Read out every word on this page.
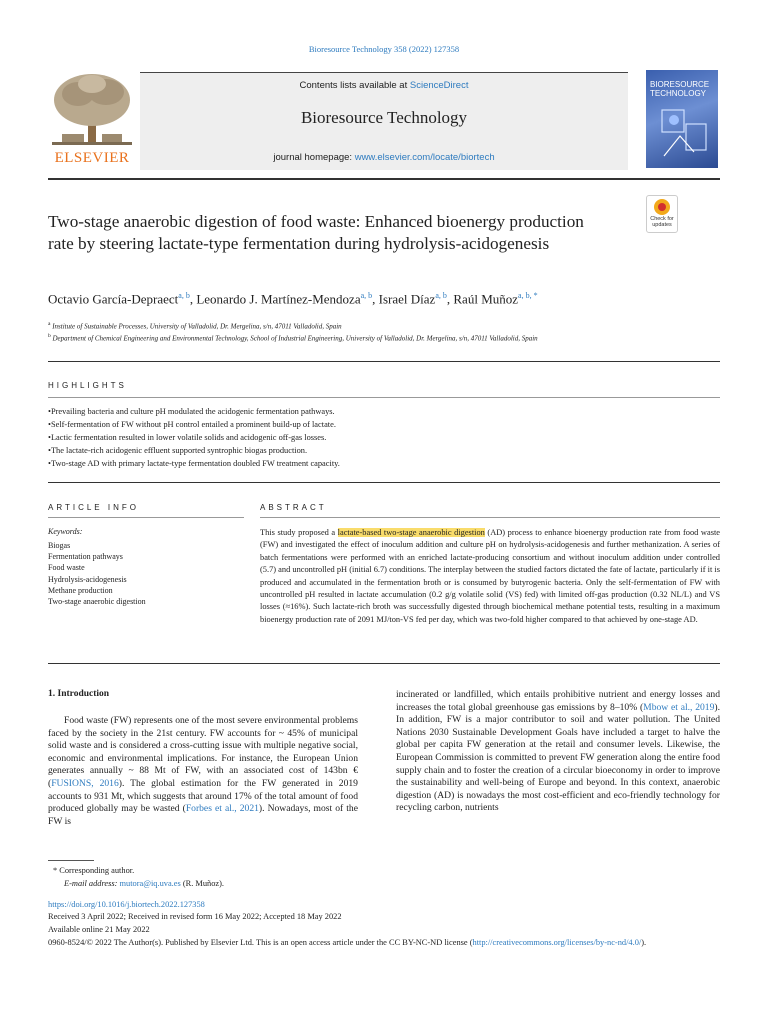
Bioresource Technology 358 (2022) 127358
ELSEVIER
Contents lists available at ScienceDirect
Bioresource Technology
journal homepage: www.elsevier.com/locate/biortech
BIORESOURCE TECHNOLOGY
Two-stage anaerobic digestion of food waste: Enhanced bioenergy production rate by steering lactate-type fermentation during hydrolysis-acidogenesis
Check for updates
Octavio García-Depraect$^{a, b}$, Leonardo J. Martínez-Mendoza$^{a, b}$, Israel Díaz$^{a, b}$, Raúl Muñoz$^{a, b, *}$
$^a$ Institute of Sustainable Processes, University of Valladolid, Dr. Mergelina, s/n, 47011 Valladolid, Spain
$^b$ Department of Chemical Engineering and Environmental Technology, School of Industrial Engineering, University of Valladolid, Dr. Mergelina, s/n, 47011 Valladolid, Spain
HIGHLIGHTS
• Prevailing bacteria and culture pH modulated the acidogenic fermentation pathways.
• Self-fermentation of FW without pH control entailed a prominent build-up of lactate.
• Lactic fermentation resulted in lower volatile solids and acidogenic off-gas losses.
• The lactate-rich acidogenic effluent supported syntrophic biogas production.
• Two-stage AD with primary lactate-type fermentation doubled FW treatment capacity.
ARTICLE INFO
Keywords:
Biogas
Fermentation pathways
Food waste
Hydrolysis-acidogenesis
Methane production
Two-stage anaerobic digestion
ABSTRACT
This study proposed a lactate-based two-stage anaerobic digestion (AD) process to enhance bioenergy production rate from food waste (FW) and investigated the effect of inoculum addition and culture pH on hydrolysis-acidogenesis and further methanization. A series of batch fermentations were performed with an enriched lactate-producing consortium and without inoculum addition under controlled (5.7) and uncontrolled pH (initial 6.7) conditions. The interplay between the studied factors dictated the fate of lactate, particularly if it is produced and accumulated in the fermentation broth or is consumed by butyrogenic bacteria. Only the self-fermentation of FW with uncontrolled pH resulted in lactate accumulation (0.2 g/g volatile solid (VS) fed) with limited off-gas production (0.32 NL/L) and VS losses (≈16%). Such lactate-rich broth was successfully digested through biochemical methane potential tests, resulting in a maximum bioenergy production rate of 2091 MJ/ton-VS fed per day, which was two-fold higher compared to that achieved by one-stage AD.
1. Introduction
Food waste (FW) represents one of the most severe environmental problems faced by the society in the 21st century. FW accounts for ~ 45% of municipal solid waste and is considered a cross-cutting issue with multiple negative social, economic and environmental implications. For instance, the European Union generates annually ~ 88 Mt of FW, with an associated cost of 143bn € (FUSIONS, 2016). The global estimation for the FW generated in 2019 accounts to 931 Mt, which suggests that around 17% of the total amount of food produced globally may be wasted (Forbes et al., 2021). Nowadays, most of the FW is
incinerated or landfilled, which entails prohibitive nutrient and energy losses and increases the total global greenhouse gas emissions by 8–10% (Mbow et al., 2019). In addition, FW is a major contributor to soil and water pollution. The United Nations 2030 Sustainable Development Goals have included a target to halve the global per capita FW generation at the retail and consumer levels. Likewise, the European Commission is committed to prevent FW generation along the entire food supply chain and to foster the creation of a circular bioeconomy in order to improve the sustainability and well-being of Europe and beyond. In this context, anaerobic digestion (AD) is nowadays the most cost-efficient and eco-friendly technology for recycling carbon, nutrients
* Corresponding author.
E-mail address: mutora@iq.uva.es (R. Muñoz).
https://doi.org/10.1016/j.biortech.2022.127358
Received 3 April 2022; Received in revised form 16 May 2022; Accepted 18 May 2022
Available online 21 May 2022
0960-8524/© 2022 The Author(s). Published by Elsevier Ltd. This is an open access article under the CC BY-NC-ND license (http://creativecommons.org/licenses/by-nc-nd/4.0/).
